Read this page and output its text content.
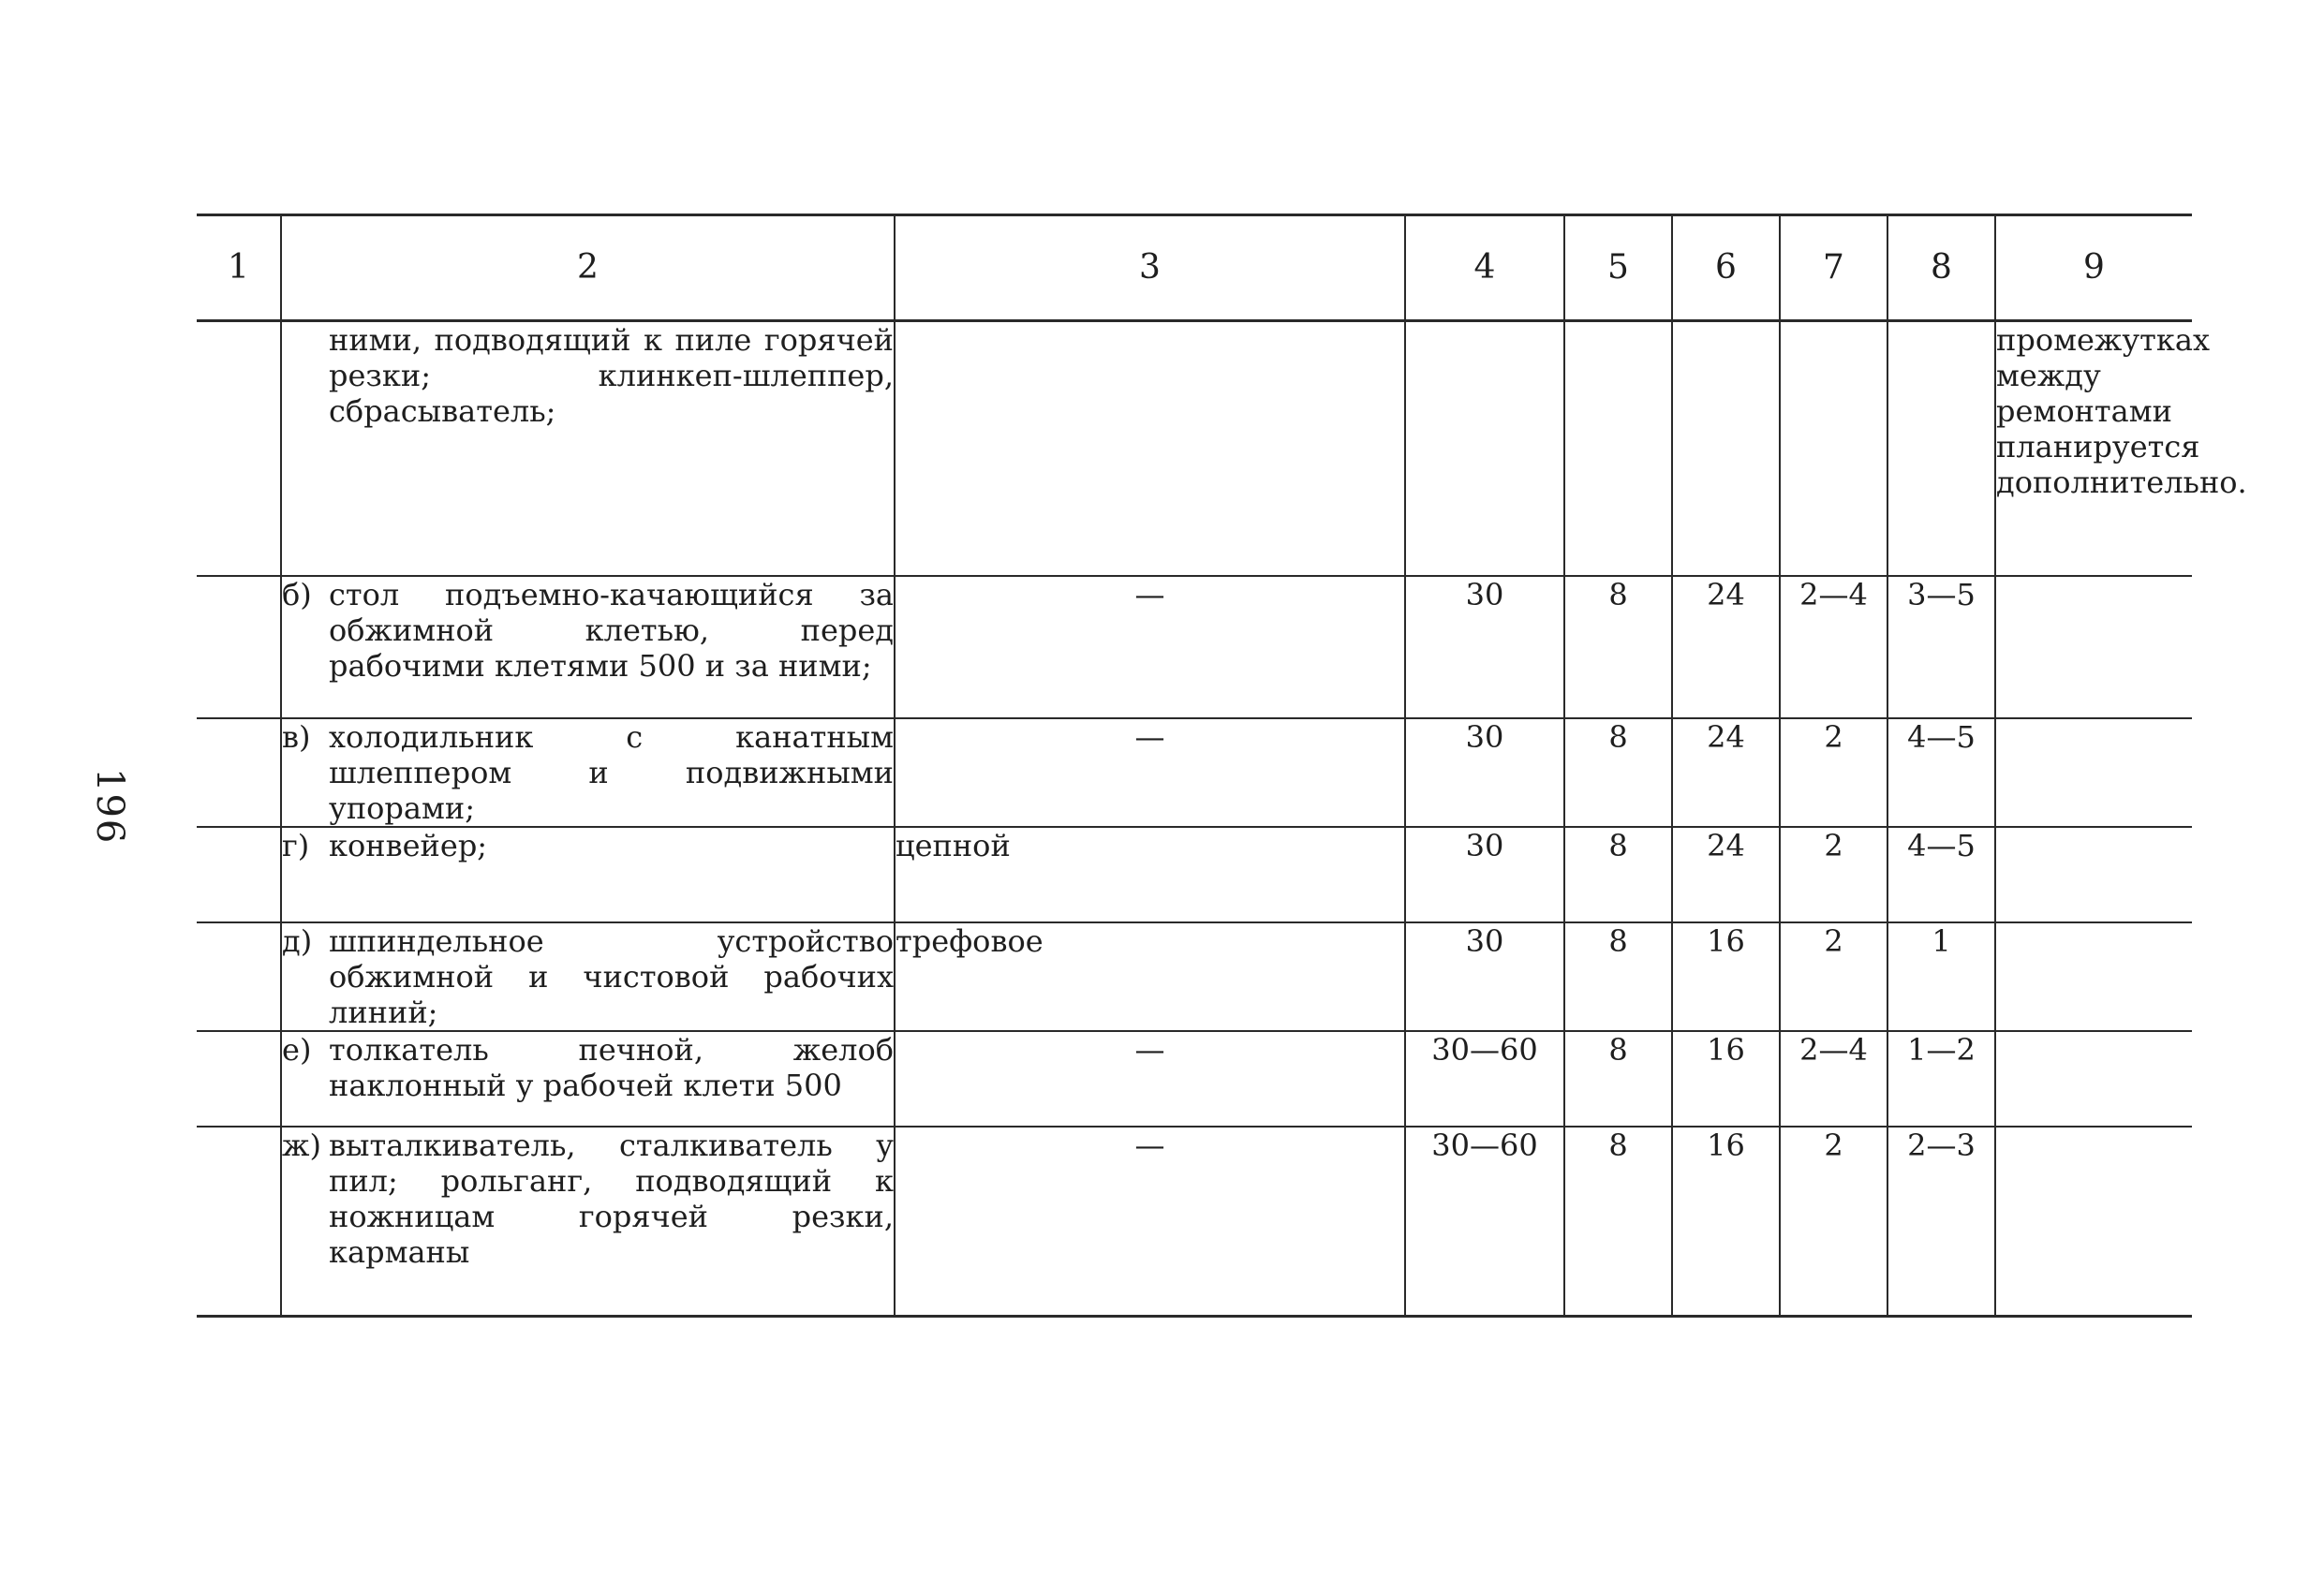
196
1	2	3	4	5	6	7	8	9

	ними, подводящий к пиле горячей резки; клинкеп-шлеппер, сбрасыватель;							промежутках между ремонтами планируется дополнительно.

	б) стол подъемно-качающийся за обжимной клетью, перед рабочими клетями 500 и за ними;	—	30	8	24	2—4	3—5	

	в) холодильник с канатным шлеппером и подвижными упорами;	—	30	8	24	2	4—5	

	г) конвейер;	цепной	30	8	24	2	4—5	

	д) шпиндельное устройство обжимной и чистовой рабочих линий;	трефовое	30	8	16	2	1	

	е) толкатель печной, желоб наклонный у рабочей клети 500	—	30—60	8	16	2—4	1—2	

	ж) выталкиватель, сталкиватель у пил; рольганг, подводящий к ножницам горячей резки, карманы	—	30—60	8	16	2	2—3	
